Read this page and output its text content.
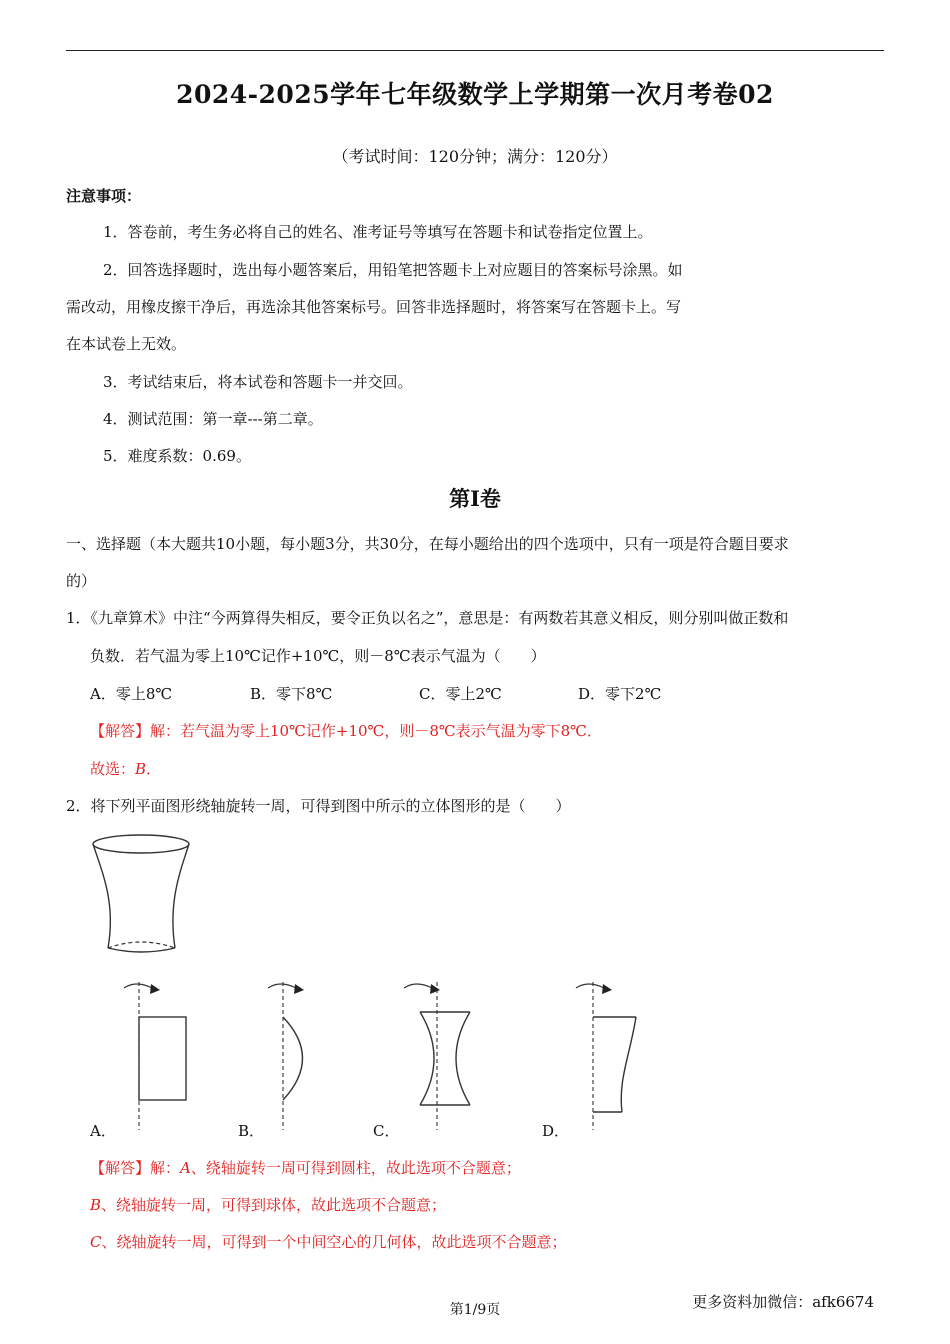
2024-2025学年七年级数学上学期第一次月考卷02
（考试时间：120分钟；满分：120分）
注意事项：
1．答卷前，考生务必将自己的姓名、准考证号等填写在答题卡和试卷指定位置上。
2．回答选择题时，选出每小题答案后，用铅笔把答题卡上对应题目的答案标号涂黑。如
需改动，用橡皮擦干净后，再选涂其他答案标号。回答非选择题时，将答案写在答题卡上。写
在本试卷上无效。
3．考试结束后，将本试卷和答题卡一并交回。
4．测试范围：第一章---第二章。
5．难度系数：0.69。
第Ⅰ卷
一、选择题（本大题共10小题，每小题3分，共30分，在每小题给出的四个选项中，只有一项是符合题目要求
的）
1．《九章算术》中注“今两算得失相反，要令正负以名之”，意思是：有两数若其意义相反，则分别叫做正数和
负数．若气温为零上10℃记作+10℃，则－8℃表示气温为（　　）
A．零上8℃	B．零下8℃	C．零上2℃	D．零下2℃
【解答】解：若气温为零上10℃记作+10℃，则－8℃表示气温为零下8℃．
故选：B．
2．将下列平面图形绕轴旋转一周，可得到图中所示的立体图形的是（　　）
A．	B．	C．	D．
【解答】解：A、绕轴旋转一周可得到圆柱，故此选项不合题意；
B、绕轴旋转一周，可得到球体，故此选项不合题意；
C、绕轴旋转一周，可得到一个中间空心的几何体，故此选项不合题意；
第1/9页	更多资料加微信：afk6674
